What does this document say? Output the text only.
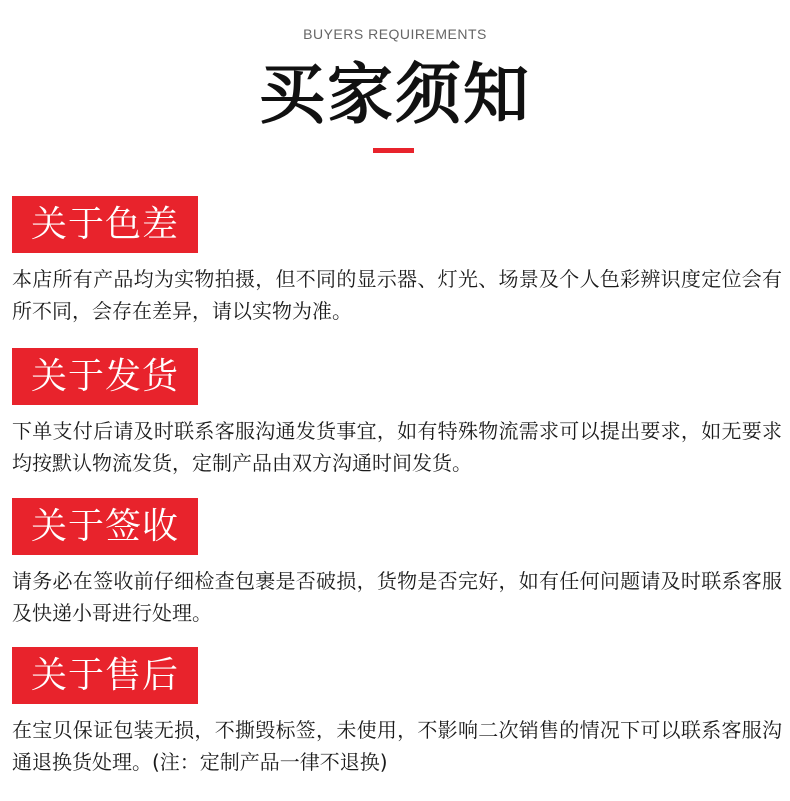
BUYERS REQUIREMENTS
买家须知
关于色差
本店所有产品均为实物拍摄，但不同的显示器、灯光、场景及个人色彩辨识度定位会有所不同，会存在差异，请以实物为准。
关于发货
下单支付后请及时联系客服沟通发货事宜，如有特殊物流需求可以提出要求，如无要求均按默认物流发货，定制产品由双方沟通时间发货。
关于签收
请务必在签收前仔细检查包裹是否破损，货物是否完好，如有任何问题请及时联系客服及快递小哥进行处理。
关于售后
在宝贝保证包装无损，不撕毁标签，未使用，不影响二次销售的情况下可以联系客服沟通退换货处理。(注：定制产品一律不退换)
